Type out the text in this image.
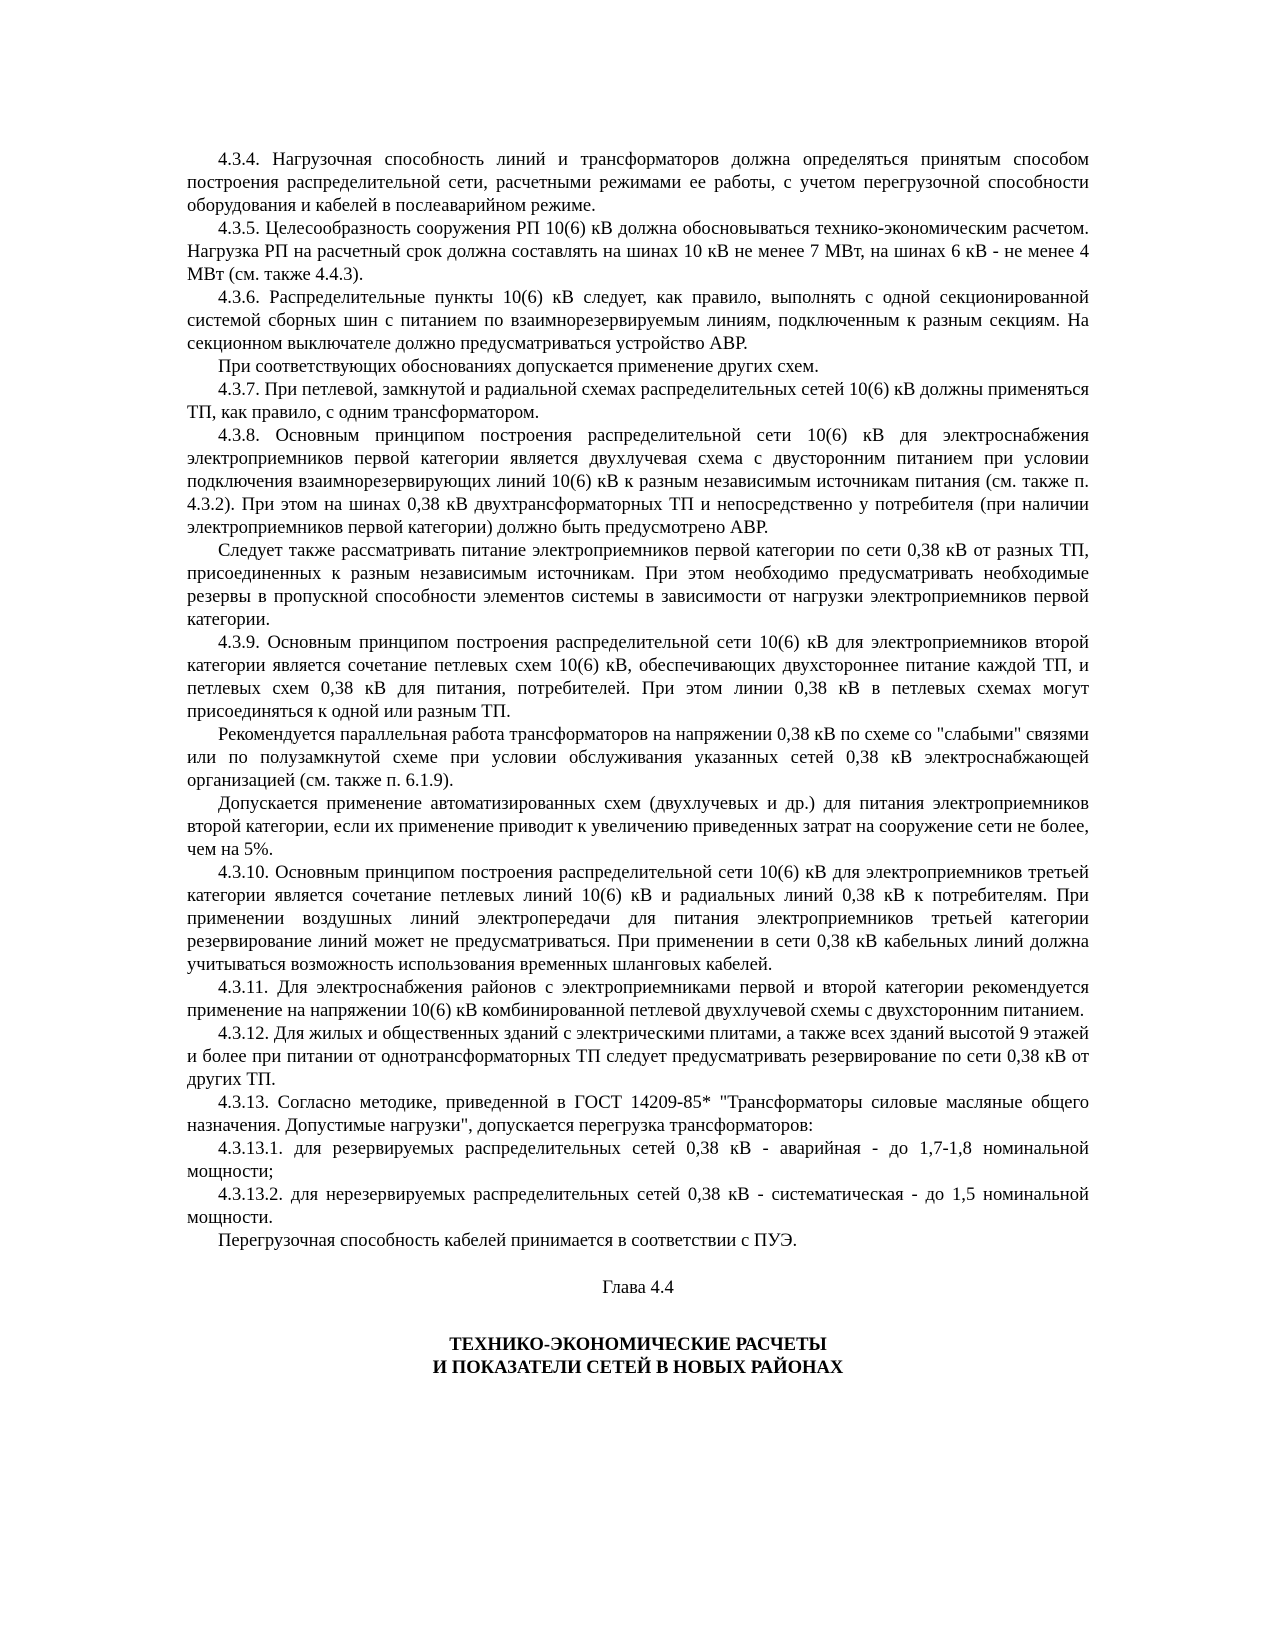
4.3.4. Нагрузочная способность линий и трансформаторов должна определяться принятым способом построения распределительной сети, расчетными режимами ее работы, с учетом перегрузочной способности оборудования и кабелей в послеаварийном режиме.

4.3.5. Целесообразность сооружения РП 10(6) кВ должна обосновываться технико-экономическим расчетом. Нагрузка РП на расчетный срок должна составлять на шинах 10 кВ не менее 7 МВт, на шинах 6 кВ - не менее 4 МВт (см. также 4.4.3).

4.3.6. Распределительные пункты 10(6) кВ следует, как правило, выполнять с одной секционированной системой сборных шин с питанием по взаимнорезервируемым линиям, подключенным к разным секциям. На секционном выключателе должно предусматриваться устройство АВР.

При соответствующих обоснованиях допускается применение других схем.

4.3.7. При петлевой, замкнутой и радиальной схемах распределительных сетей 10(6) кВ должны применяться ТП, как правило, с одним трансформатором.

4.3.8. Основным принципом построения распределительной сети 10(6) кВ для электроснабжения электроприемников первой категории является двухлучевая схема с двусторонним питанием при условии подключения взаимнорезервирующих линий 10(6) кВ к разным независимым источникам питания (см. также п. 4.3.2). При этом на шинах 0,38 кВ двухтрансформаторных ТП и непосредственно у потребителя (при наличии электроприемников первой категории) должно быть предусмотрено АВР.

Следует также рассматривать питание электроприемников первой категории по сети 0,38 кВ от разных ТП, присоединенных к разным независимым источникам. При этом необходимо предусматривать необходимые резервы в пропускной способности элементов системы в зависимости от нагрузки электроприемников первой категории.

4.3.9. Основным принципом построения распределительной сети 10(6) кВ для электроприемников второй категории является сочетание петлевых схем 10(6) кВ, обеспечивающих двухстороннее питание каждой ТП, и петлевых схем 0,38 кВ для питания, потребителей. При этом линии 0,38 кВ в петлевых схемах могут присоединяться к одной или разным ТП.

Рекомендуется параллельная работа трансформаторов на напряжении 0,38 кВ по схеме со "слабыми" связями или по полузамкнутой схеме при условии обслуживания указанных сетей 0,38 кВ электроснабжающей организацией (см. также п. 6.1.9).

Допускается применение автоматизированных схем (двухлучевых и др.) для питания электроприемников второй категории, если их применение приводит к увеличению приведенных затрат на сооружение сети не более, чем на 5%.

4.3.10. Основным принципом построения распределительной сети 10(6) кВ для электроприемников третьей категории является сочетание петлевых линий 10(6) кВ и радиальных линий 0,38 кВ к потребителям. При применении воздушных линий электропередачи для питания электроприемников третьей категории резервирование линий может не предусматриваться. При применении в сети 0,38 кВ кабельных линий должна учитываться возможность использования временных шланговых кабелей.

4.3.11. Для электроснабжения районов с электроприемниками первой и второй категории рекомендуется применение на напряжении 10(6) кВ комбинированной петлевой двухлучевой схемы с двухсторонним питанием.

4.3.12. Для жилых и общественных зданий с электрическими плитами, а также всех зданий высотой 9 этажей и более при питании от однотрансформаторных ТП следует предусматривать резервирование по сети 0,38 кВ от других ТП.

4.3.13. Согласно методике, приведенной в ГОСТ 14209-85* "Трансформаторы силовые масляные общего назначения. Допустимые нагрузки", допускается перегрузка трансформаторов:

4.3.13.1. для резервируемых распределительных сетей 0,38 кВ - аварийная - до 1,7-1,8 номинальной мощности;

4.3.13.2. для нерезервируемых распределительных сетей 0,38 кВ - систематическая - до 1,5 номинальной мощности.

Перегрузочная способность кабелей принимается в соответствии с ПУЭ.

Глава 4.4
ТЕХНИКО-ЭКОНОМИЧЕСКИЕ РАСЧЕТЫ
И ПОКАЗАТЕЛИ СЕТЕЙ В НОВЫХ РАЙОНАХ
